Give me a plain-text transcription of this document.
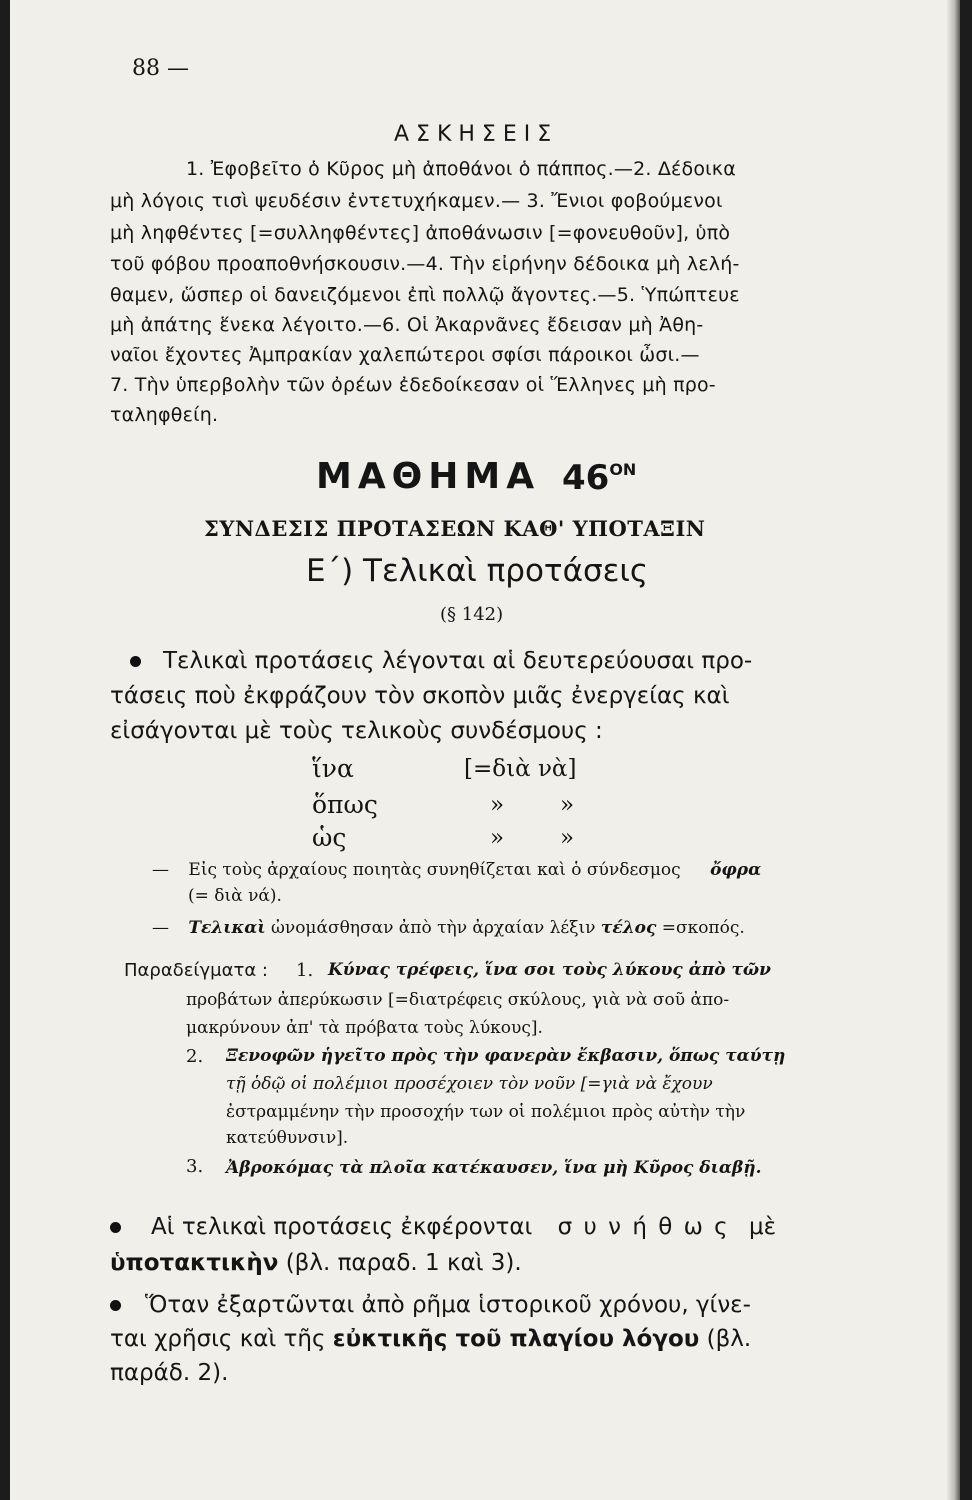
88 —
ΑΣΚΗΣΕΙΣ
1. Ἐφοβεῖτο ὁ Κῦρος μὴ ἀποθάνοι ὁ πάππος.—2. Δέδοικα
μὴ λόγοις τισὶ ψευδέσιν ἐντετυχήκαμεν.— 3. Ἔνιοι φοβούμενοι
μὴ ληφθέντες [=συλληφθέντες] ἀποθάνωσιν [=φονευθοῦν], ὑπὸ
τοῦ φόβου προαποθνήσκουσιν.—4. Τὴν εἰρήνην δέδοικα μὴ λελή-
θαμεν, ὥσπερ οἱ δανειζόμενοι ἐπὶ πολλῷ ἄγοντες.—5. Ὑπώπτευε
μὴ ἀπάτης ἕνεκα λέγοιτο.—6. Οἱ Ἀκαρνᾶνες ἔδεισαν μὴ Ἀθη-
ναῖοι ἔχοντες Ἀμπρακίαν χαλεπώτεροι σφίσι πάροικοι ὦσι.—
7. Τὴν ὑπερβολὴν τῶν ὀρέων ἐδεδοίκεσαν οἱ Ἕλληνες μὴ προ-
ταληφθείη.
ΜΑΘΗΜΑ $46^{ON}$
ΣΥΝΔΕΣΙΣ ΠΡΟΤΑΣΕΩΝ ΚΑΘ' ΥΠΟΤΑΞΙΝ
Ε΄) Τελικαὶ προτάσεις
(§ 142)
Τελικαὶ προτάσεις λέγονται αἱ δευτερεύουσαι προ-
τάσεις ποὺ ἐκφράζουν τὸν σκοπὸν μιᾶς ἐνεργείας καὶ
εἰσάγονται μὲ τοὺς τελικοὺς συνδέσμους :
ἵνα	[=διὰ νὰ]
ὅπως	» »
ὡς	» »
— Εἰς τοὺς ἀρχαίους ποιητὰς συνηθίζεται καὶ ὁ σύνδεσμος ὄφρα
(= διὰ νά).
— Τελικαὶ ὠνομάσθησαν ἀπὸ τὴν ἀρχαίαν λέξιν τέλος =σκοπός.
Παραδείγματα : 1. Κύνας τρέφεις, ἵνα σοι τοὺς λύκους ἀπὸ τῶν
προβάτων ἀπερύκωσιν [=διατρέφεις σκύλους, γιὰ νὰ σοῦ ἀπο-
μακρύνουν ἀπ' τὰ πρόβατα τοὺς λύκους].
2. Ξενοφῶν ἡγεῖτο πρὸς τὴν φανερὰν ἔκβασιν, ὅπως ταύτῃ
τῇ ὁδῷ οἱ πολέμιοι προσέχοιεν τὸν νοῦν [=γιὰ νὰ ἔχουν
ἐστραμμένην τὴν προσοχήν των οἱ πολέμιοι πρὸς αὐτὴν τὴν
κατεύθυνσιν].
3. Ἀβροκόμας τὰ πλοῖα κατέκαυσεν, ἵνα μὴ Κῦρος διαβῇ.
Αἱ τελικαὶ προτάσεις ἐκφέρονται σ υ ν ή θ ω ς μὲ
ὑποτακτικὴν (βλ. παραδ. 1 καὶ 3).
Ὅταν ἐξαρτῶνται ἀπὸ ρῆμα ἱστορικοῦ χρόνου, γίνε-
ται χρῆσις καὶ τῆς εὐκτικῆς τοῦ πλαγίου λόγου (βλ.
παράδ. 2).
